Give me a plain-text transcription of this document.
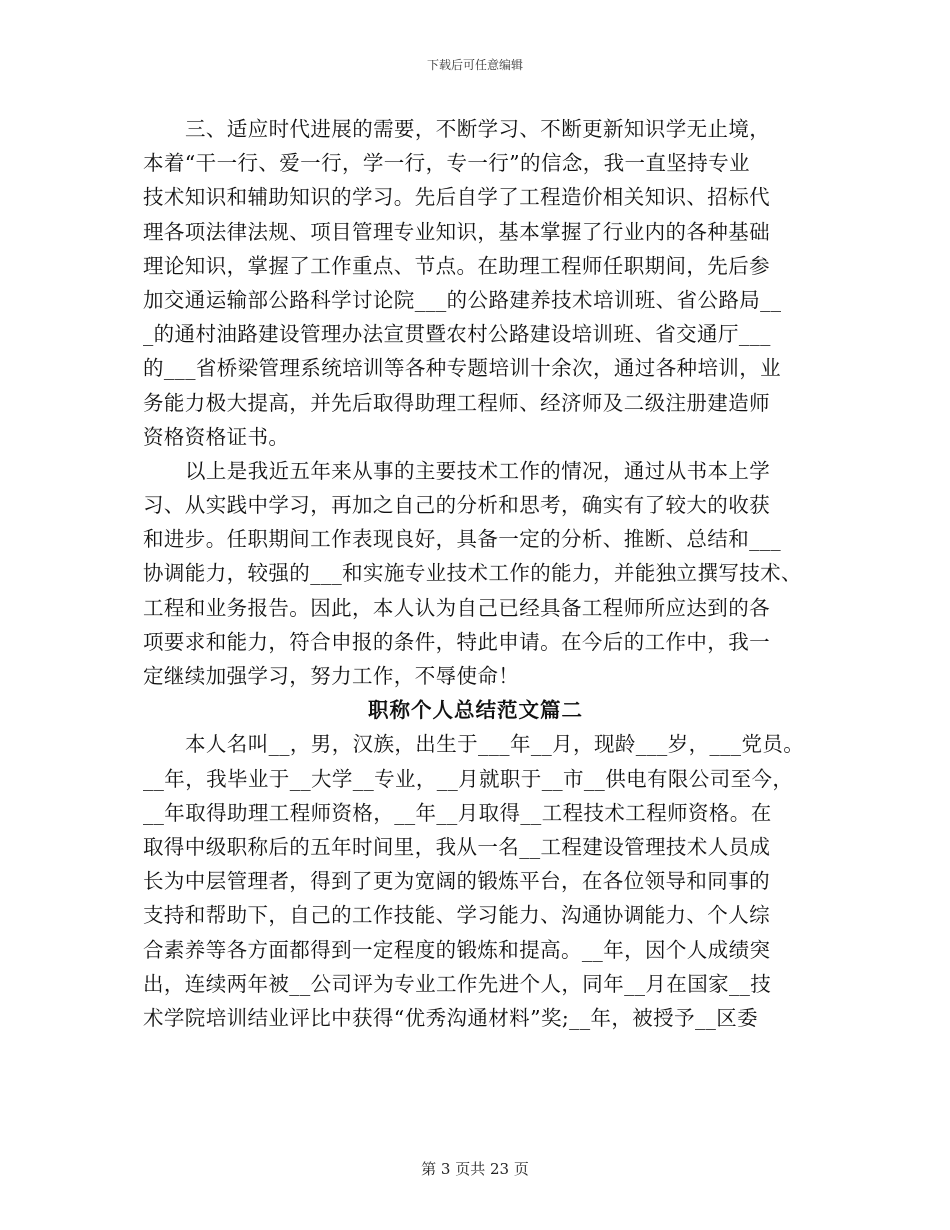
下载后可任意编辑
三、适应时代进展的需要，不断学习、不断更新知识学无止境，
本着“干一行、爱一行，学一行，专一行”的信念，我一直坚持专业
技术知识和辅助知识的学习。先后自学了工程造价相关知识、招标代
理各项法律法规、项目管理专业知识，基本掌握了行业内的各种基础
理论知识，掌握了工作重点、节点。在助理工程师任职期间，先后参
加交通运输部公路科学讨论院___的公路建养技术培训班、省公路局__
_的通村油路建设管理办法宣贯暨农村公路建设培训班、省交通厅___
的___省桥梁管理系统培训等各种专题培训十余次，通过各种培训，业
务能力极大提高，并先后取得助理工程师、经济师及二级注册建造师
资格资格证书。
以上是我近五年来从事的主要技术工作的情况，通过从书本上学
习、从实践中学习，再加之自己的分析和思考，确实有了较大的收获
和进步。任职期间工作表现良好，具备一定的分析、推断、总结和___
协调能力，较强的___和实施专业技术工作的能力，并能独立撰写技术、
工程和业务报告。因此，本人认为自己已经具备工程师所应达到的各
项要求和能力，符合申报的条件，特此申请。在今后的工作中，我一
定继续加强学习，努力工作，不辱使命！
职称个人总结范文篇二
本人名叫__，男，汉族，出生于___年__月，现龄___岁，___党员。
__年，我毕业于__大学__专业，__月就职于__市__供电有限公司至今，
__年取得助理工程师资格，__年__月取得__工程技术工程师资格。在
取得中级职称后的五年时间里，我从一名__工程建设管理技术人员成
长为中层管理者，得到了更为宽阔的锻炼平台，在各位领导和同事的
支持和帮助下，自己的工作技能、学习能力、沟通协调能力、个人综
合素养等各方面都得到一定程度的锻炼和提高。__年，因个人成绩突
出，连续两年被__公司评为专业工作先进个人，同年__月在国家__技
术学院培训结业评比中获得“优秀沟通材料”奖;__年，被授予__区委
第 3 页共 23 页
